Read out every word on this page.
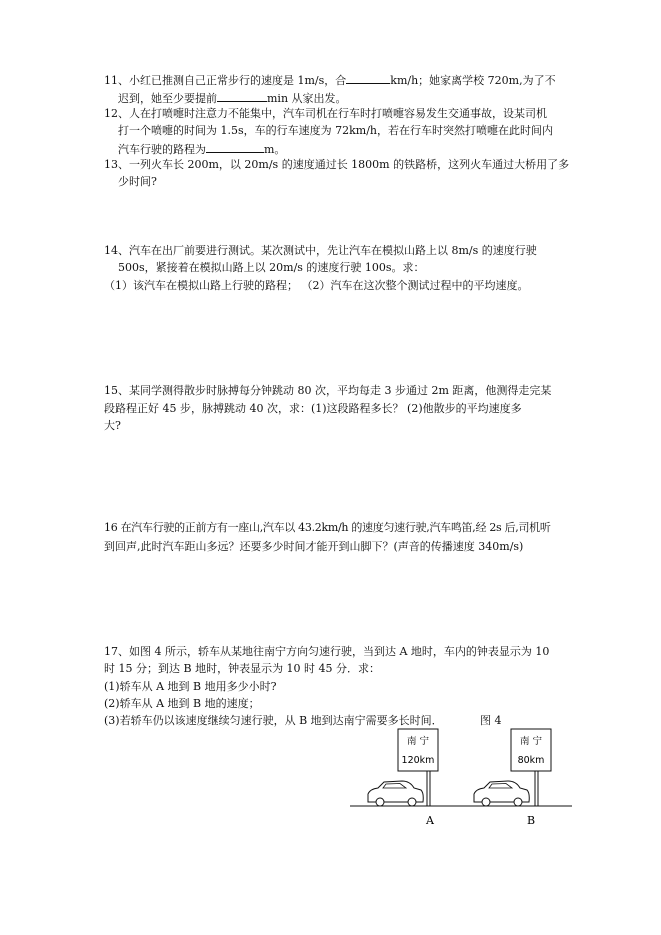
11、小红已推测自己正常步行的速度是 1m/s，合	km/h；她家离学校 720m,为了不
迟到，她至少要提前	min 从家出发。
12、人在打喷嚏时注意力不能集中，汽车司机在行车时打喷嚏容易发生交通事故，设某司机
打一个喷嚏的时间为 1.5s，车的行车速度为 72km/h，若在行车时突然打喷嚏在此时间内
汽车行驶的路程为	m。
13、一列火车长 200m，以 20m/s 的速度通过长 1800m 的铁路桥，这列火车通过大桥用了多
少时间?
14、汽车在出厂前要进行测试。某次测试中，先让汽车在模拟山路上以 8m/s 的速度行驶
500s，紧接着在模拟山路上以 20m/s 的速度行驶 100s。求：
（1）该汽车在模拟山路上行驶的路程； （2）汽车在这次整个测试过程中的平均速度。
15、某同学测得散步时脉搏每分钟跳动 80 次，平均每走 3 步通过 2m 距离，他测得走完某
段路程正好 45 步，脉搏跳动 40 次，求：(1)这段路程多长？ (2)他散步的平均速度多
大?
16 在汽车行驶的正前方有一座山,汽车以 43.2km/h 的速度匀速行驶,汽车鸣笛,经 2s 后,司机听
到回声,此时汽车距山多远？还要多少时间才能开到山脚下？(声音的传播速度 340m/s)
17、如图 4 所示，轿车从某地往南宁方向匀速行驶，当到达 A 地时，车内的钟表显示为 10
时 15 分；到达 B 地时，钟表显示为 10 时 45 分．求：
(1)轿车从 A 地到 B 地用多少小时?
(2)轿车从 A 地到 B 地的速度；
(3)若轿车仍以该速度继续匀速行驶，从 B 地到达南宁需要多长时间．	图 4
南 宁
120km
南 宁
80km
A	B
